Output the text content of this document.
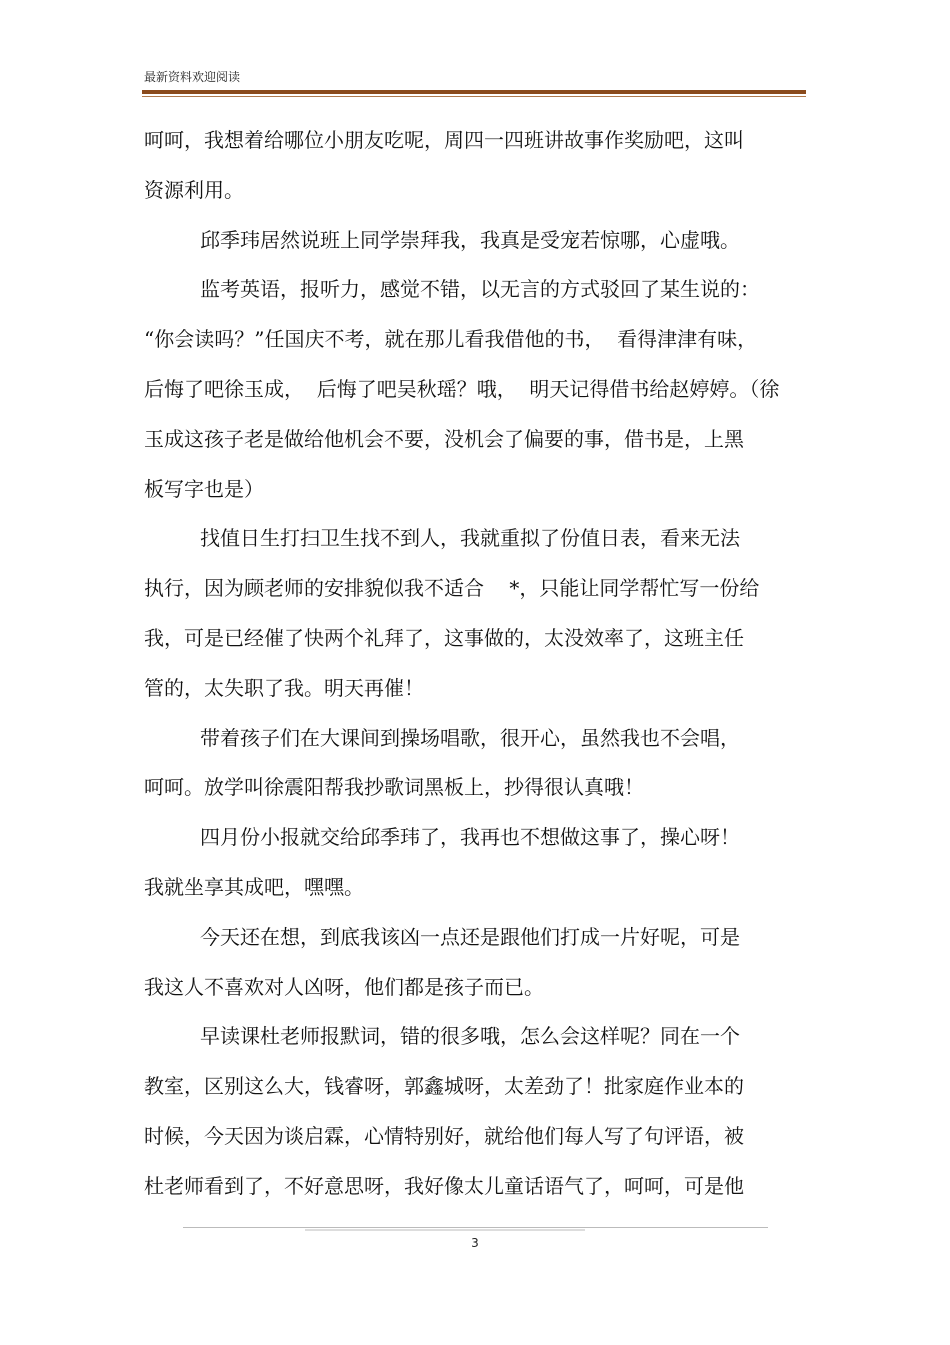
最新资料欢迎阅读
呵呵，我想着给哪位小朋友吃呢，周四一四班讲故事作奖励吧，这叫
资源利用。
邱季玮居然说班上同学崇拜我，我真是受宠若惊哪，心虚哦。
监考英语，报听力，感觉不错，以无言的方式驳回了某生说的：
“你会读吗？”任国庆不考，就在那儿看我借他的书，  看得津津有味，
后悔了吧徐玉成，  后悔了吧吴秋瑶？哦，  明天记得借书给赵婷婷。（徐
玉成这孩子老是做给他机会不要，没机会了偏要的事，借书是，上黑
板写字也是）
找值日生打扫卫生找不到人，我就重拟了份值日表，看来无法
执行，因为顾老师的安排貌似我不适合    *，只能让同学帮忙写一份给
我，可是已经催了快两个礼拜了，这事做的，太没效率了，这班主任
管的，太失职了我。明天再催！
带着孩子们在大课间到操场唱歌，很开心，虽然我也不会唱，
呵呵。放学叫徐震阳帮我抄歌词黑板上，抄得很认真哦！
四月份小报就交给邱季玮了，我再也不想做这事了，操心呀！
我就坐享其成吧，嘿嘿。
今天还在想，到底我该凶一点还是跟他们打成一片好呢，可是
我这人不喜欢对人凶呀，他们都是孩子而已。
早读课杜老师报默词，错的很多哦，怎么会这样呢？同在一个
教室，区别这么大，钱睿呀，郭鑫城呀，太差劲了！批家庭作业本的
时候，今天因为谈启霖，心情特别好，就给他们每人写了句评语，被
杜老师看到了，不好意思呀，我好像太儿童话语气了，呵呵，可是他
3
